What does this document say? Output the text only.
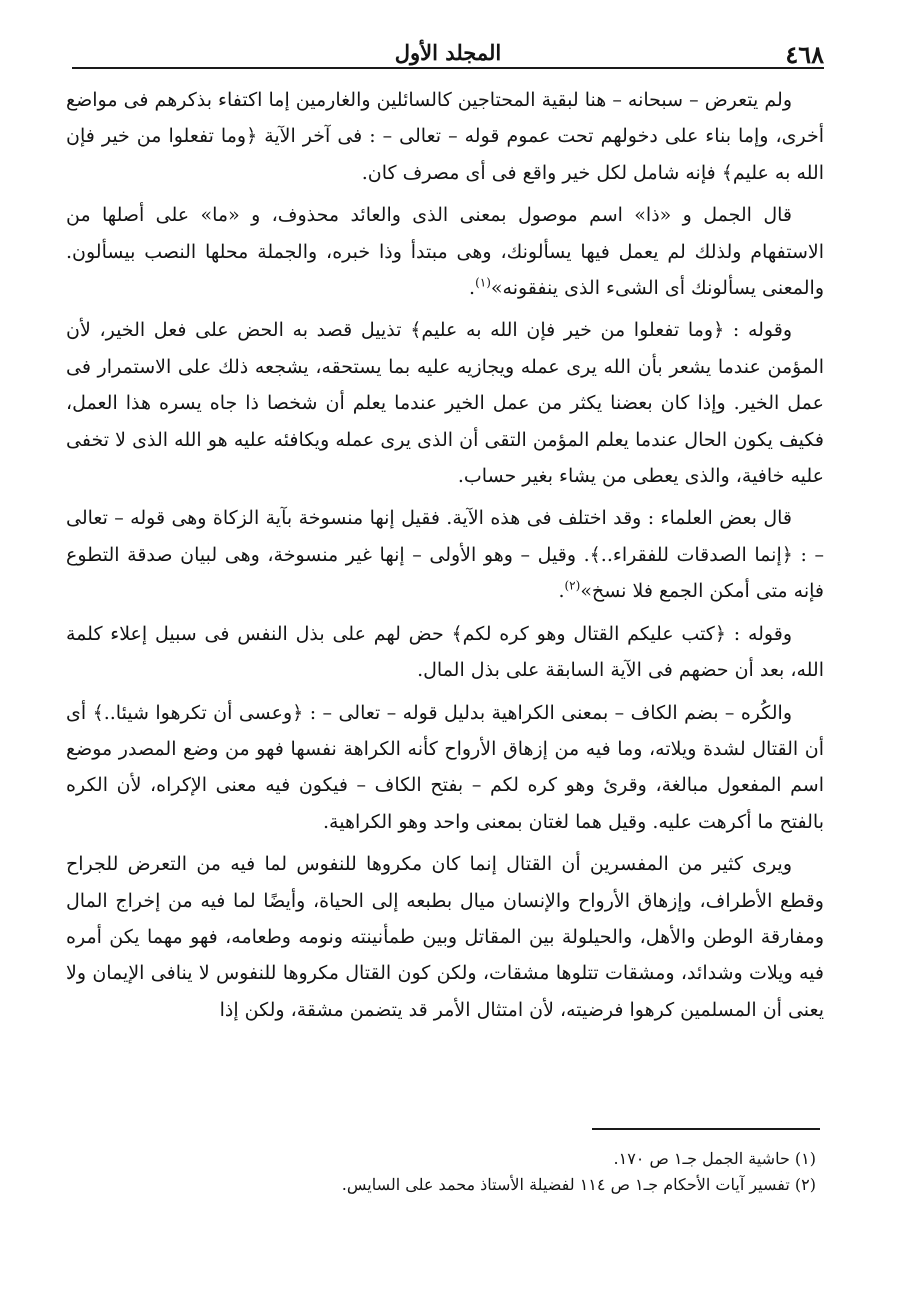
٤٦٨
المجلد الأول

ولم يتعرض – سبحانه – هنا لبقية المحتاجين كالسائلين والغارمين إما اكتفاء بذكرهم فى مواضع أخرى، وإما بناء على دخولهم تحت عموم قوله – تعالى – : فى آخر الآية ﴿وما تفعلوا من خير فإن الله به عليم﴾ فإنه شامل لكل خير واقع فى أى مصرف كان.

قال الجمل و «ذا» اسم موصول بمعنى الذى والعائد محذوف، و «ما» على أصلها من الاستفهام ولذلك لم يعمل فيها يسألونك، وهى مبتدأ وذا خبره، والجملة محلها النصب بيسألون. والمعنى يسألونك أى الشىء الذى ينفقونه»$^{(١)}$.

وقوله : ﴿وما تفعلوا من خير فإن الله به عليم﴾ تذييل قصد به الحض على فعل الخير، لأن المؤمن عندما يشعر بأن الله يرى عمله ويجازيه عليه بما يستحقه، يشجعه ذلك على الاستمرار فى عمل الخير. وإذا كان بعضنا يكثر من عمل الخير عندما يعلم أن شخصا ذا جاه يسره هذا العمل، فكيف يكون الحال عندما يعلم المؤمن التقى أن الذى يرى عمله ويكافئه عليه هو الله الذى لا تخفى عليه خافية، والذى يعطى من يشاء بغير حساب.

قال بعض العلماء : وقد اختلف فى هذه الآية. فقيل إنها منسوخة بآية الزكاة وهى قوله – تعالى – : ﴿إنما الصدقات للفقراء..﴾. وقيل – وهو الأولى – إنها غير منسوخة، وهى لبيان صدقة التطوع فإنه متى أمكن الجمع فلا نسخ»$^{(٢)}$.

وقوله : ﴿كتب عليكم القتال وهو كره لكم﴾ حض لهم على بذل النفس فى سبيل إعلاء كلمة الله، بعد أن حضهم فى الآية السابقة على بذل المال.

والكُره – بضم الكاف – بمعنى الكراهية بدليل قوله – تعالى – : ﴿وعسى أن تكرهوا شيئا..﴾ أى أن القتال لشدة ويلاته، وما فيه من إزهاق الأرواح كأنه الكراهة نفسها فهو من وضع المصدر موضع اسم المفعول مبالغة، وقرئ وهو كره لكم – بفتح الكاف – فيكون فيه معنى الإكراه، لأن الكره بالفتح ما أكرهت عليه. وقيل هما لغتان بمعنى واحد وهو الكراهية.

ويرى كثير من المفسرين أن القتال إنما كان مكروها للنفوس لما فيه من التعرض للجراح وقطع الأطراف، وإزهاق الأرواح والإنسان ميال بطبعه إلى الحياة، وأيضًا لما فيه من إخراج المال ومفارقة الوطن والأهل، والحيلولة بين المقاتل وبين طمأنينته ونومه وطعامه، فهو مهما يكن أمره فيه ويلات وشدائد، ومشقات تتلوها مشقات، ولكن كون القتال مكروها للنفوس لا ينافى الإيمان ولا يعنى أن المسلمين كرهوا فرضيته، لأن امتثال الأمر قد يتضمن مشقة، ولكن إذا

(١) حاشية الجمل جـ١ ص ١٧٠.
(٢) تفسير آيات الأحكام جـ١ ص ١١٤ لفضيلة الأستاذ محمد على السايس.
